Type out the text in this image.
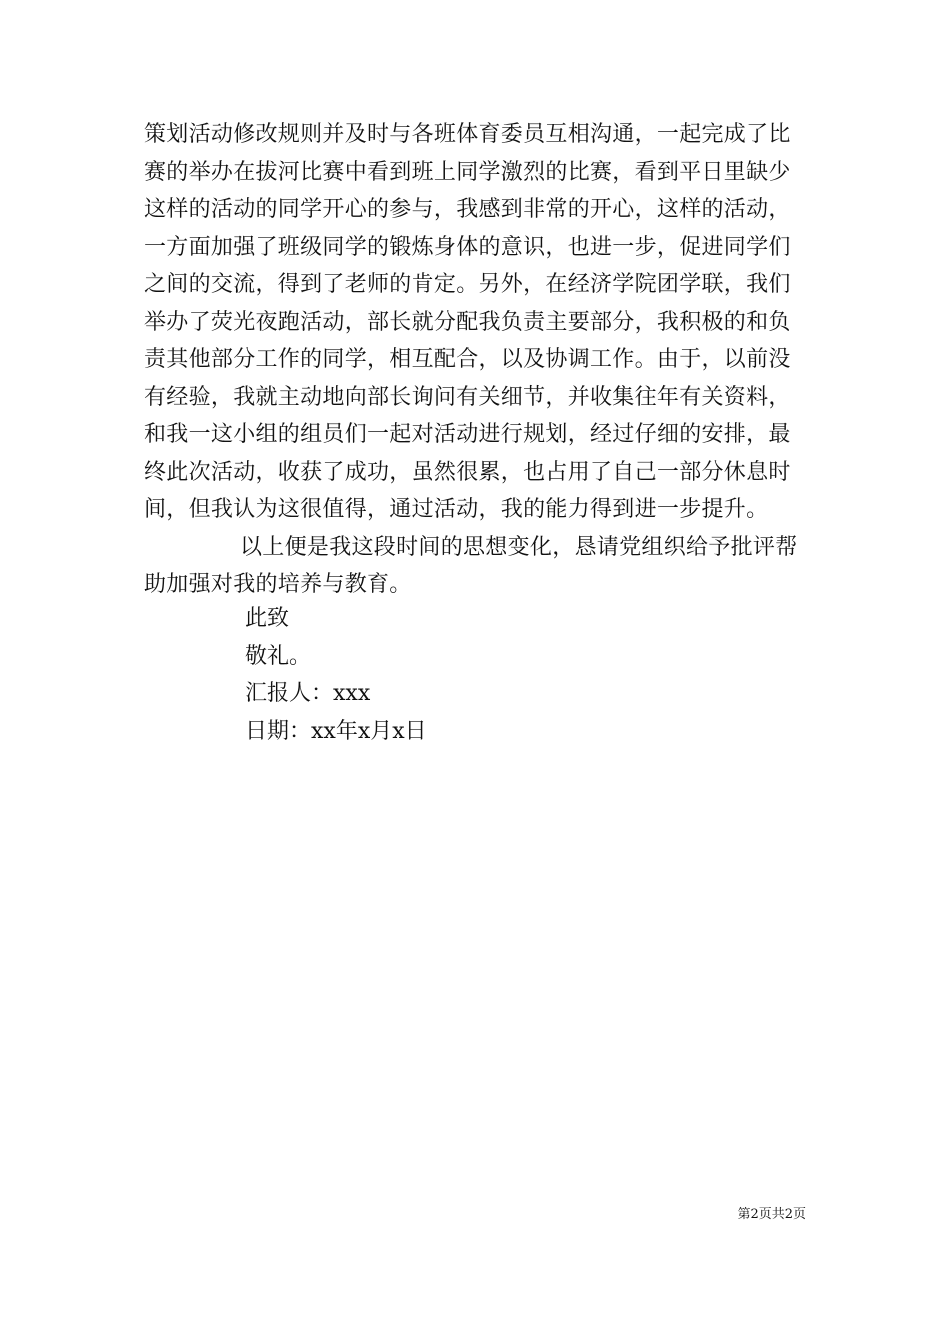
策划活动修改规则并及时与各班体育委员互相沟通，一起完成了比
赛的举办在拔河比赛中看到班上同学激烈的比赛，看到平日里缺少
这样的活动的同学开心的参与，我感到非常的开心，这样的活动，
一方面加强了班级同学的锻炼身体的意识，也进一步，促进同学们
之间的交流，得到了老师的肯定。另外，在经济学院团学联，我们
举办了荧光夜跑活动，部长就分配我负责主要部分，我积极的和负
责其他部分工作的同学，相互配合，以及协调工作。由于，以前没
有经验，我就主动地向部长询问有关细节，并收集往年有关资料，
和我一这小组的组员们一起对活动进行规划，经过仔细的安排，最
终此次活动，收获了成功，虽然很累，也占用了自己一部分休息时
间，但我认为这很值得，通过活动，我的能力得到进一步提升。
以上便是我这段时间的思想变化，恳请党组织给予批评帮
助加强对我的培养与教育。
此致
敬礼。
汇报人：xxx
日期：xx年x月x日
第2页共2页
